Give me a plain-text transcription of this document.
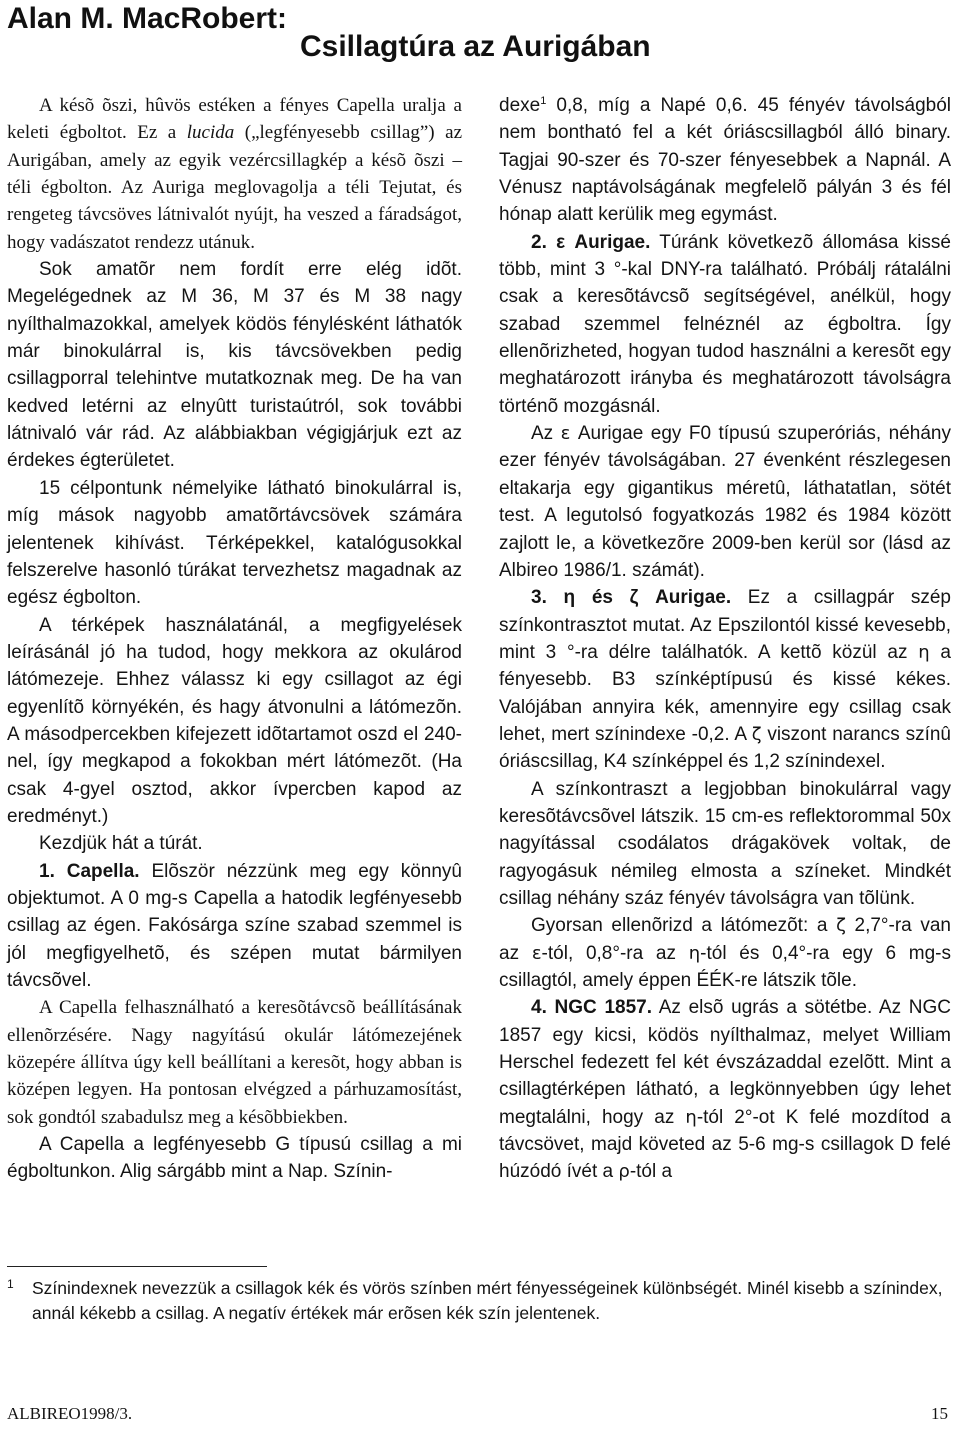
Alan M. MacRobert:
Csillagtúra az Aurigában

A késõ õszi, hûvös estéken a fényes Capella uralja a keleti égboltot. Ez a lucida („legfényesebb csillag”) az Aurigában, amely az egyik vezércsillagkép a késõ õszi – téli égbolton. Az Auriga meglovagolja a téli Tejutat, és rengeteg távcsöves látnivalót nyújt, ha veszed a fáradságot, hogy vadászatot rendezz utánuk.

Sok amatõr nem fordít erre elég idõt. Megelégednek az M 36, M 37 és M 38 nagy nyílthalmazokkal, amelyek ködös fénylésként láthatók már binokulárral is, kis távcsövekben pedig csillagporral telehintve mutatkoznak meg. De ha van kedved letérni az elnyûtt turistaútról, sok további látnivaló vár rád. Az alábbiakban végigjárjuk ezt az érdekes égterületet.

15 célpontunk némelyike látható binokulárral is, míg mások nagyobb amatõrtávcsövek számára jelentenek kihívást. Térképekkel, katalógusokkal felszerelve hasonló túrákat tervezhetsz magadnak az egész égbolton.

A térképek használatánál, a megfigyelések leírásánál jó ha tudod, hogy mekkora az okulárod látómezeje. Ehhez válassz ki egy csillagot az égi egyenlítõ környékén, és hagy átvonulni a látómezõn. A másodpercekben kifejezett idõtartamot oszd el 240-nel, így megkapod a fokokban mért látómezõt. (Ha csak 4-gyel osztod, akkor ívpercben kapod az eredményt.)

Kezdjük hát a túrát.

1. Capella. Elõször nézzünk meg egy könnyû objektumot. A 0 mg-s Capella a hatodik legfényesebb csillag az égen. Fakósárga színe szabad szemmel is jól megfigyelhetõ, és szépen mutat bármilyen távcsõvel.

A Capella felhasználható a keresõtávcsõ beállításának ellenõrzésére. Nagy nagyítású okulár látómezejének közepére állítva úgy kell beállítani a keresõt, hogy abban is középen legyen. Ha pontosan elvégzed a párhuzamosítást, sok gondtól szabadulsz meg a késõbbiekben.

A Capella a legfényesebb G típusú csillag a mi égboltunkon. Alig sárgább mint a Nap. Színin-

dexe$^1$ 0,8, míg a Napé 0,6. 45 fényév távolságból nem bontható fel a két óriáscsillagból álló binary. Tagjai 90-szer és 70-szer fényesebbek a Napnál. A Vénusz naptávolságának megfelelõ pályán 3 és fél hónap alatt kerülik meg egymást.

2. ε Aurigae. Túránk következõ állomása kissé több, mint 3 °-kal DNY-ra található. Próbálj rátalálni csak a keresõtávcsõ segítségével, anélkül, hogy szabad szemmel felnéznél az égboltra. Így ellenõrizheted, hogyan tudod használni a keresõt egy meghatározott irányba és meghatározott távolságra történõ mozgásnál.

Az ε Aurigae egy F0 típusú szuperóriás, néhány ezer fényév távolságában. 27 évenként részlegesen eltakarja egy gigantikus méretû, láthatatlan, sötét test. A legutolsó fogyatkozás 1982 és 1984 között zajlott le, a következõre 2009-ben kerül sor (lásd az Albireo 1986/1. számát).

3. η és ζ Aurigae. Ez a csillagpár szép színkontrasztot mutat. Az Epszilontól kissé kevesebb, mint 3 °-ra délre találhatók. A kettõ közül az η a fényesebb. B3 színképtípusú és kissé kékes. Valójában annyira kék, amennyire egy csillag csak lehet, mert színindexe -0,2. A ζ viszont narancs színû óriáscsillag, K4 színképpel és 1,2 színindexel.

A színkontraszt a legjobban binokulárral vagy keresõtávcsõvel látszik. 15 cm-es reflektorommal 50x nagyítással csodálatos drágakövek voltak, de ragyogásuk némileg elmosta a színeket. Mindkét csillag néhány száz fényév távolságra van tõlünk.

Gyorsan ellenõrizd a látómezõt: a ζ 2,7°-ra van az ε-tól, 0,8°-ra az η-tól és 0,4°-ra egy 6 mg-s csillagtól, amely éppen ÉÉK-re látszik tõle.

4. NGC 1857. Az elsõ ugrás a sötétbe. Az NGC 1857 egy kicsi, ködös nyílthalmaz, melyet William Herschel fedezett fel két évszázaddal ezelõtt. Mint a csillagtérképen látható, a legkönnyebben úgy lehet megtalálni, hogy az η-tól 2°-ot K felé mozdítod a távcsövet, majd követed az 5-6 mg-s csillagok D felé húzódó ívét a ρ-tól a

1 Színindexnek nevezzük a csillagok kék és vörös színben mért fényességeinek különbségét. Minél kisebb a színindex, annál kékebb a csillag. A negatív értékek már erõsen kék szín jelentenek.
ALBIREO1998/3.	15
